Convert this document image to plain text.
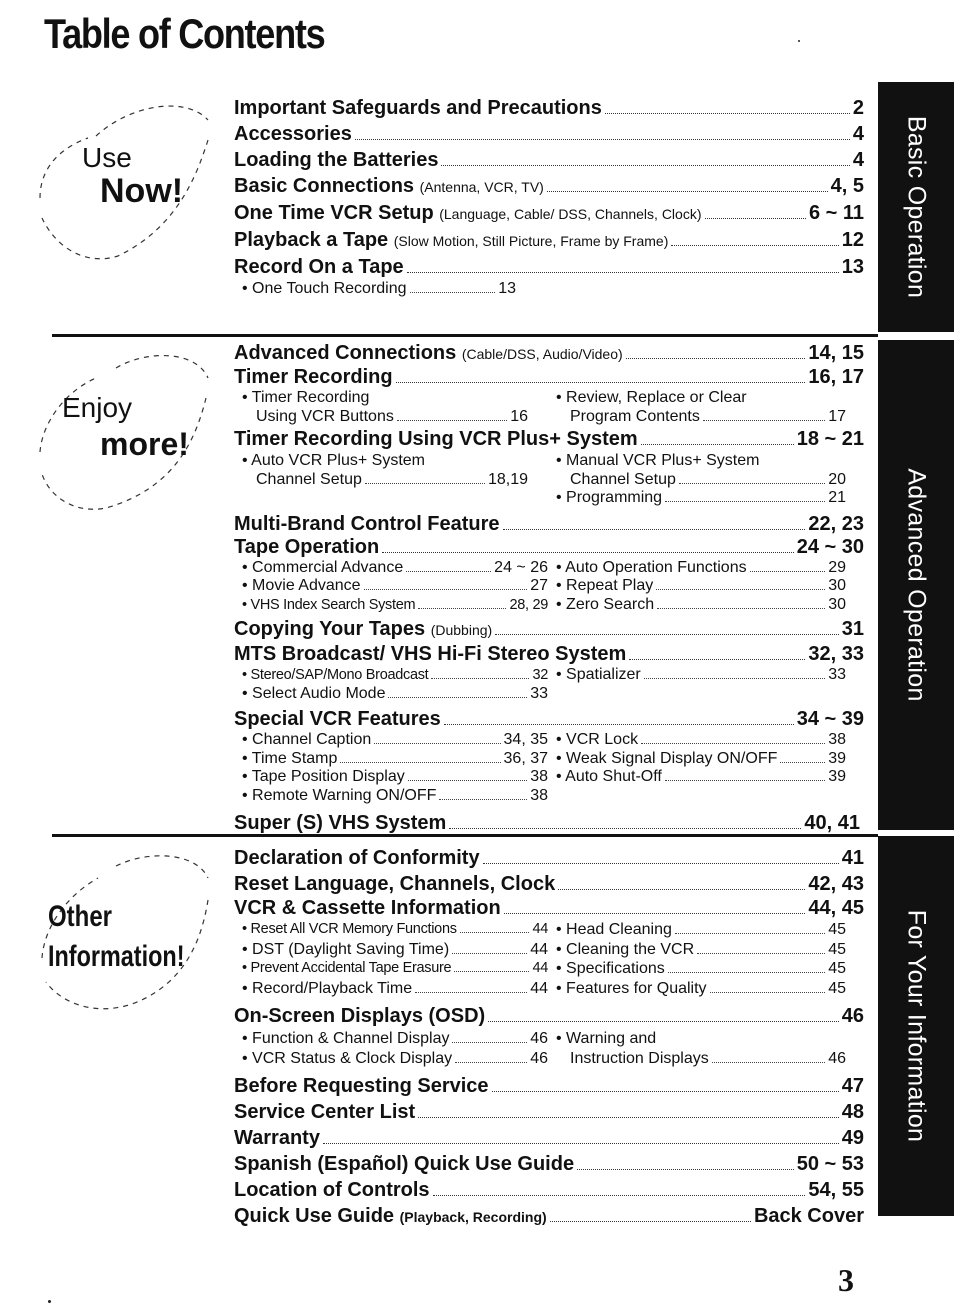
Table of Contents
Basic Operation
Advanced Operation
For Your Information
Use
Now!
Enjoy
more!
Other
Information!
Important Safeguards and Precautions	2
Accessories	4
Loading the Batteries	4
Basic Connections
(Antenna, VCR, TV)	4, 5
One Time VCR Setup
(Language, Cable/ DSS, Channels, Clock)	6 ~ 11
Playback a Tape
(Slow Motion, Still Picture, Frame by Frame)	12
Record On a Tape	13
• One Touch Recording	13
Advanced Connections
(Cable/DSS, Audio/Video)	14, 15
Timer Recording	16, 17
• Timer Recording
Using VCR Buttons	16
• Review, Replace or Clear
Program Contents	17
Timer Recording Using VCR Plus+ System	18 ~ 21
• Auto VCR Plus+ System
Channel Setup	18,19
• Manual VCR Plus+ System
Channel Setup	20
• Programming	21
Multi-Brand Control Feature	22, 23
Tape Operation	24 ~ 30
• Commercial Advance	24 ~ 26 • Auto Operation Functions	29
• Movie Advance	27 • Repeat Play	30
• VHS Index Search System	28, 29 • Zero Search	30
Copying Your Tapes
(Dubbing)	31
MTS Broadcast/ VHS Hi-Fi Stereo System	32, 33
• Stereo/SAP/Mono Broadcast	32 • Spatializer	33
• Select Audio Mode	33
Special VCR Features	34 ~ 39
• Channel Caption	34, 35 • VCR Lock	38
• Time Stamp	36, 37 • Weak Signal Display ON/OFF	39
• Tape Position Display	38 • Auto Shut-Off	39
• Remote Warning ON/OFF	38
Super (S) VHS System	40, 41
Declaration of Conformity	41
Reset Language, Channels, Clock	42, 43
VCR & Cassette Information	44, 45
• Reset All VCR Memory Functions	44 • Head Cleaning	45
• DST (Daylight Saving Time)	44 • Cleaning the VCR	45
• Prevent Accidental Tape Erasure	44 • Specifications	45
• Record/Playback Time	44 • Features for Quality	45
On-Screen Displays (OSD)	46
• Function & Channel Display	46
• VCR Status & Clock Display	46
• Warning and
Instruction Displays	46
Before Requesting Service	47
Service Center List	48
Warranty	49
Spanish (Español) Quick Use Guide	50 ~ 53
Location of Controls	54, 55
Quick Use Guide
(Playback, Recording)	Back Cover
3
